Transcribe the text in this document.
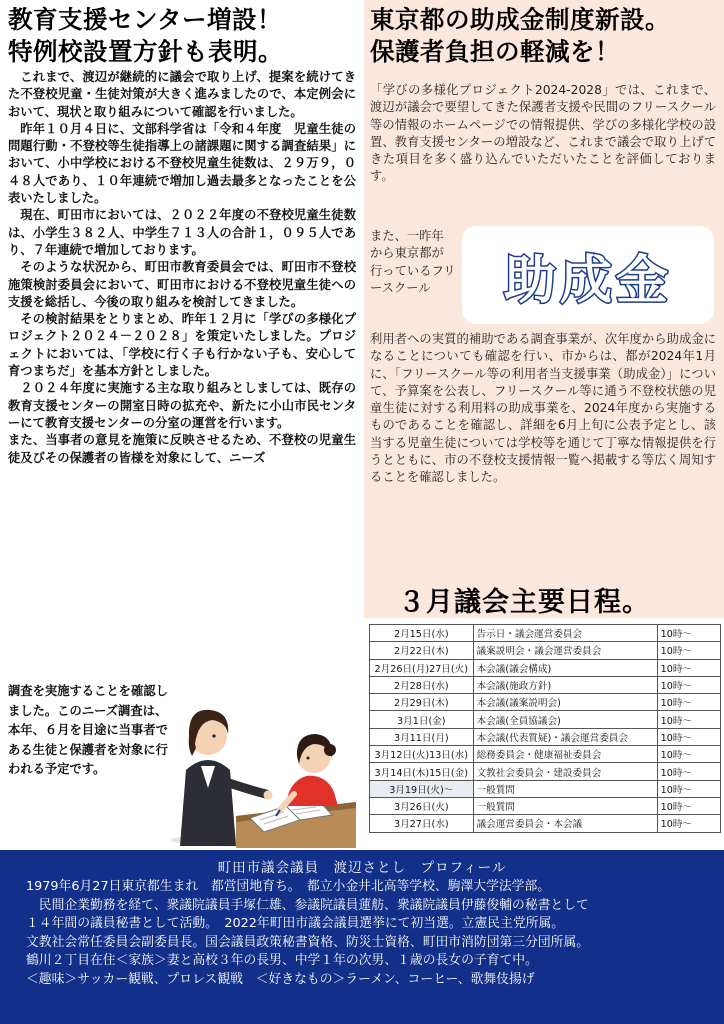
教育支援センター増設！
特例校設置方針も表明。

これまで、渡辺が継続的に議会で取り上げ、提案を続けてきた不登校児童・生徒対策が大きく進みましたので、本定例会において、現状と取り組みについて確認を行いました。

昨年１０月４日に、文部科学省は「令和４年度　児童生徒の問題行動・不登校等生徒指導上の諸課題に関する調査結果」において、小中学校における不登校児童生徒数は、２９万９，０４８人であり、１０年連続で増加し過去最多となったことを公表いたしました。

現在、町田市においては、２０２２年度の不登校児童生徒数は、小学生３８２人、中学生７１３人の合計１，０９５人であり、７年連続で増加しております。

そのような状況から、町田市教育委員会では、町田市不登校施策検討委員会において、町田市における不登校児童生徒への支援を総括し、今後の取り組みを検討してきました。

その検討結果をとりまとめ、昨年１２月に「学びの多様化プロジェクト２０２４－２０２８」を策定いたしました。プロジェクトにおいては、「学校に行く子も行かない子も、安心して育つまちだ」を基本方針としました。

２０２４年度に実施する主な取り組みとしましては、既存の教育支援センターの開室日時の拡充や、新たに小山市民センターにて教育支援センターの分室の運営を行います。

また、当事者の意見を施策に反映させるため、不登校の児童生徒及びその保護者の皆様を対象にして、ニーズ

調査を実施することを確認しました。このニーズ調査は、本年、６月を目途に当事者である生徒と保護者を対象に行われる予定です。
東京都の助成金制度新設。
保護者負担の軽減を！
「学びの多様化プロジェクト2024-2028」では、これまで、渡辺が議会で要望してきた保護者支援や民間のフリースクール等の情報のホームページでの情報提供、学びの多様化学校の設置、教育支援センターの増設など、これまで議会で取り上げてきた項目を多く盛り込んでいただいたことを評価しております。
また、一昨年から東京都が行っているフリースクール	助成金
利用者への実質的補助である調査事業が、次年度から助成金になることについても確認を行い、市からは、都が2024年1月に、「フリースクール等の利用者当支援事業（助成金）」について、予算案を公表し、フリースクール等に通う不登校状態の児童生徒に対する利用料の助成事業を、2024年度から実施するものであることを確認し、詳細を6月上旬に公表予定とし、該当する児童生徒については学校等を通じて丁寧な情報提供を行うとともに、市の不登校支援情報一覧へ掲載する等広く周知することを確認しました。
３月議会主要日程。
2月15日(水)	告示日・議会運営委員会	10時～
2月22日(木)	議案説明会・議会運営委員会	10時～
2月26日(月)27日(火)	本会議(議会構成)	10時～
2月28日(水)	本会議(施政方針)	10時～
2月29日(木)	本会議(議案説明会)	10時～
3月1日(金)	本会議(全員協議会)	10時～
3月11日(月)	本会議(代表質疑)・議会運営委員会	10時～
3月12日(火)13日(水)	総務委員会・健康福祉委員会	10時～
3月14日(木)15日(金)	文教社会委員会・建設委員会	10時～
3月19日(火)～	一般質問	10時～
3月26日(火)	一般質問	10時～
3月27日(水)	議会運営委員会・本会議	10時～
町田市議会議員　渡辺さとし　プロフィール
1979年6月27日東京都生まれ　都営団地育ち。　都立小金井北高等学校、駒澤大学法学部。
民間企業勤務を経て、衆議院議員手塚仁雄、参議院議員蓮舫、衆議院議員伊藤俊輔の秘書として
１４年間の議員秘書として活動。　2022年町田市議会議員選挙にて初当選。立憲民主党所属。
文教社会常任委員会副委員長。国会議員政策秘書資格、防災士資格、町田市消防団第三分団所属。
鶴川２丁目在住＜家族＞妻と高校３年の長男、中学１年の次男、１歳の長女の子育て中。
＜趣味＞サッカー観戦、プロレス観戦　＜好きなもの＞ラーメン、コーヒー、歌舞伎揚げ
